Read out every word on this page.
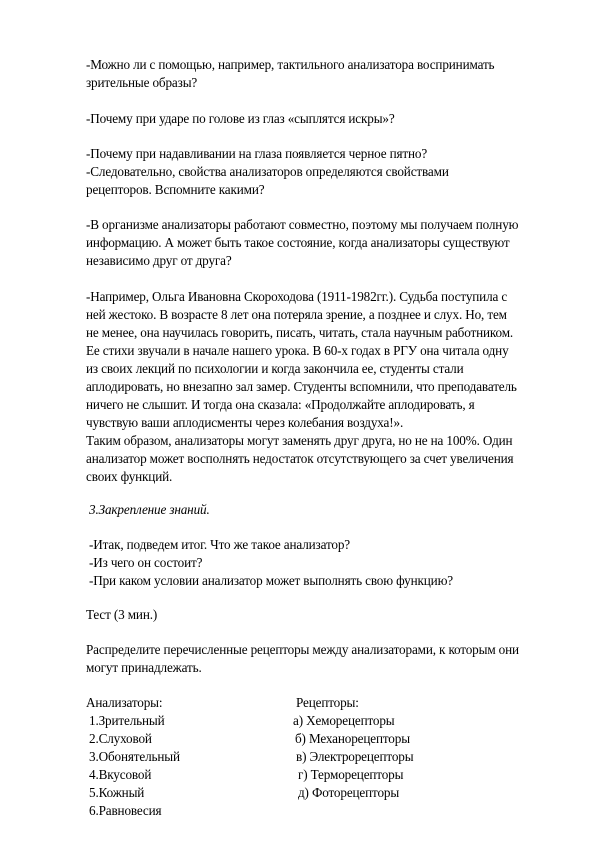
-Можно ли с помощью, например, тактильного анализатора воспринимать
зрительные образы?
-Почему при ударе по голове из глаз «сыплятся искры»?
-Почему при надавливании на глаза появляется черное пятно?
-Следовательно, свойства анализаторов определяются свойствами
рецепторов. Вспомните какими?
-В организме анализаторы работают совместно, поэтому мы получаем полную
информацию. А может быть такое состояние, когда анализаторы существуют
независимо друг от друга?
-Например, Ольга Ивановна Скороходова (1911-1982гг.). Судьба поступила с
ней жестоко. В возрасте 8 лет она потеряла зрение, а позднее и слух. Но, тем
не менее, она научилась говорить, писать, читать, стала научным работником.
Ее стихи звучали в начале нашего урока. В 60-х годах в РГУ она читала одну
из своих лекций по психологии и когда закончила ее, студенты стали
аплодировать, но внезапно зал замер. Студенты вспомнили, что преподаватель
ничего не слышит. И тогда она сказала: «Продолжайте аплодировать, я
чувствую ваши аплодисменты через колебания воздуха!».
Таким образом, анализаторы могут заменять друг друга, но не на 100%. Один
анализатор может восполнять недостаток отсутствующего за счет увеличения
своих функций.
3.Закрепление знаний.
-Итак, подведем итог. Что же такое анализатор?
-Из чего он состоит?
-При каком условии анализатор может выполнять свою функцию?
Тест (3 мин.)
Распределите перечисленные рецепторы между анализаторами, к которым они
могут принадлежать.
Анализаторы:	Рецепторы:
1.Зрительный
2.Слуховой
3.Обонятельный
4.Вкусовой
5.Кожный
6.Равновесия
а) Хеморецепторы
б) Механорецепторы
в) Электрорецепторы
г) Терморецепторы
д) Фоторецепторы
